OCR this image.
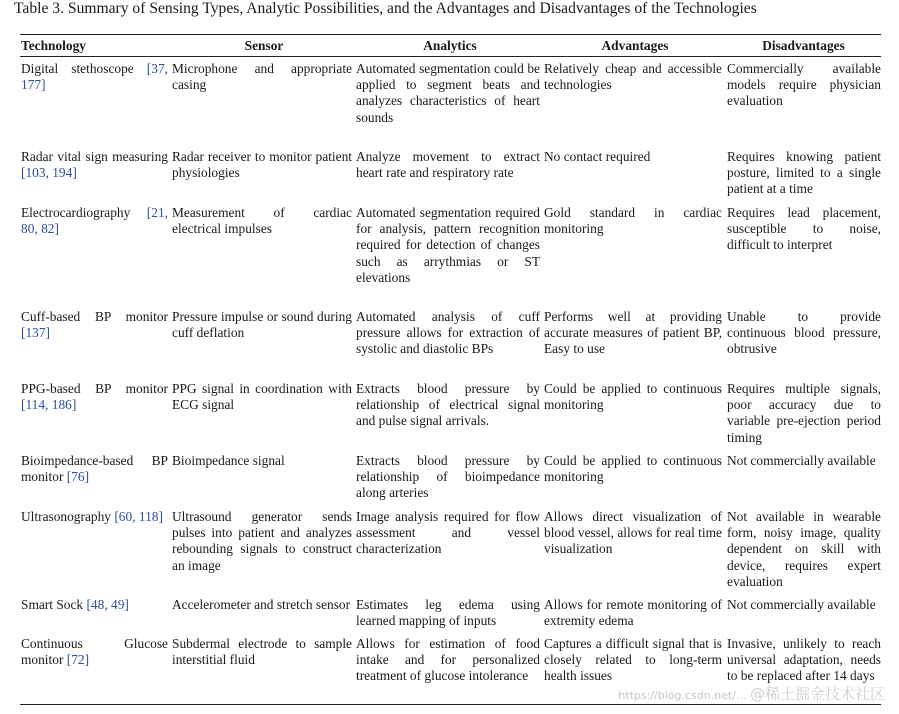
Table 3. Summary of Sensing Types, Analytic Possibilities, and the Advantages and Disadvantages of the Technologies
Technology	Sensor	Analytics	Advantages	Disadvantages
Digital stethoscope [37, 177]	Microphone and appropriate casing	Automated segmentation could be applied to segment beats and analyzes characteristics of heart sounds	Relatively cheap and accessible technologies	Commercially available models require physician evaluation
Radar vital sign measuring [103, 194]	Radar receiver to monitor patient physiologies	Analyze movement to extract heart rate and respiratory rate	No contact required	Requires knowing patient posture, limited to a single patient at a time
Electrocardiography [21, 80, 82]	Measurement of cardiac electrical impulses	Automated segmentation required for analysis, pattern recognition required for detection of changes such as arrythmias or ST elevations	Gold standard in cardiac monitoring	Requires lead placement, susceptible to noise, difficult to interpret
Cuff-based BP monitor [137]	Pressure impulse or sound during cuff deflation	Automated analysis of cuff pressure allows for extraction of systolic and diastolic BPs	Performs well at providing accurate measures of patient BP, Easy to use	Unable to provide continuous blood pressure, obtrusive
PPG-based BP monitor [114, 186]	PPG signal in coordination with ECG signal	Extracts blood pressure by relationship of electrical signal and pulse signal arrivals.	Could be applied to continuous monitoring	Requires multiple signals, poor accuracy due to variable pre-ejection period timing
Bioimpedance-based BP monitor [76]	Bioimpedance signal	Extracts blood pressure by relationship of bioimpedance along arteries	Could be applied to continuous monitoring	Not commercially available
Ultrasonography [60, 118]	Ultrasound generator sends pulses into patient and analyzes rebounding signals to construct an image	Image analysis required for flow assessment and vessel characterization	Allows direct visualization of blood vessel, allows for real time visualization	Not available in wearable form, noisy image, quality dependent on skill with device, requires expert evaluation
Smart Sock [48, 49]	Accelerometer and stretch sensor	Estimates leg edema using learned mapping of inputs	Allows for remote monitoring of extremity edema	Not commercially available
Continuous Glucose monitor [72]	Subdermal electrode to sample interstitial fluid	Allows for estimation of food intake and for personalized treatment of glucose intolerance	Captures a difficult signal that is closely related to long-term health issues	Invasive, unlikely to reach universal adaptation, needs to be replaced after 14 days
https://blog.csdn.net/... @稀土掘金技术社区
